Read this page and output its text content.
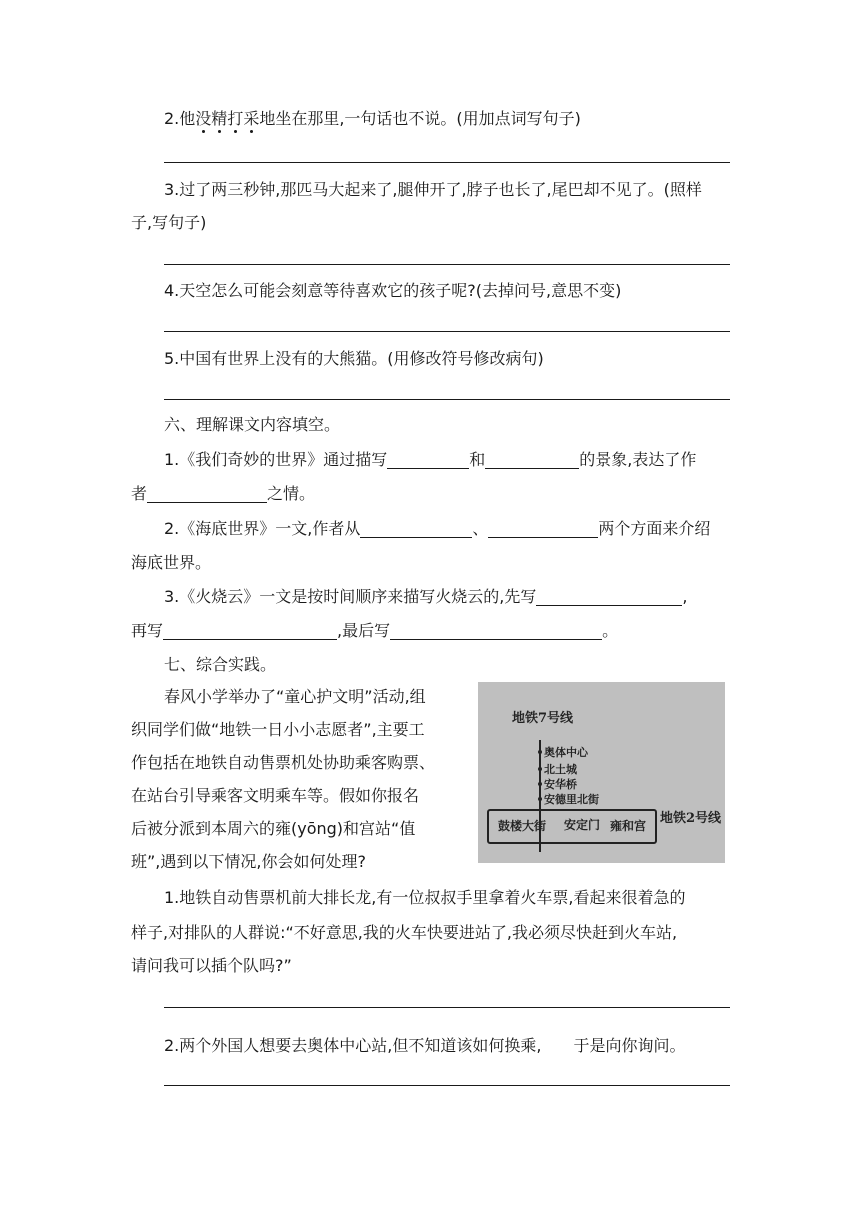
2.他没精打采地坐在那里,一句话也不说。(用加点词写句子)
3.过了两三秒钟,那匹马大起来了,腿伸开了,脖子也长了,尾巴却不见了。(照样
子,写句子)
4.天空怎么可能会刻意等待喜欢它的孩子呢?(去掉问号,意思不变)
5.中国有世界上没有的大熊猫。(用修改符号修改病句)
六、理解课文内容填空。
1.《我们奇妙的世界》通过描写	和	的景象,表达了作
者	之情。
2.《海底世界》一文,作者从	、	两个方面来介绍
海底世界。
3.《火烧云》一文是按时间顺序来描写火烧云的,先写	,
再写	,最后写	。
七、综合实践。
春风小学举办了“童心护文明”活动,组
织同学们做“地铁一日小小志愿者”,主要工
作包括在地铁自动售票机处协助乘客购票、
在站台引导乘客文明乘车等。假如你报名
后被分派到本周六的雍(yōng)和宫站“值
班”,遇到以下情况,你会如何处理?
地铁7号线
奥体中心
北土城
安华桥
安德里北街
鼓楼大街 安定门 雍和宫 地铁2号线
1.地铁自动售票机前大排长龙,有一位叔叔手里拿着火车票,看起来很着急的
样子,对排队的人群说:“不好意思,我的火车快要进站了,我必须尽快赶到火车站,
请问我可以插个队吗?”
2.两个外国人想要去奥体中心站,但不知道该如何换乘, 于是向你询问。
